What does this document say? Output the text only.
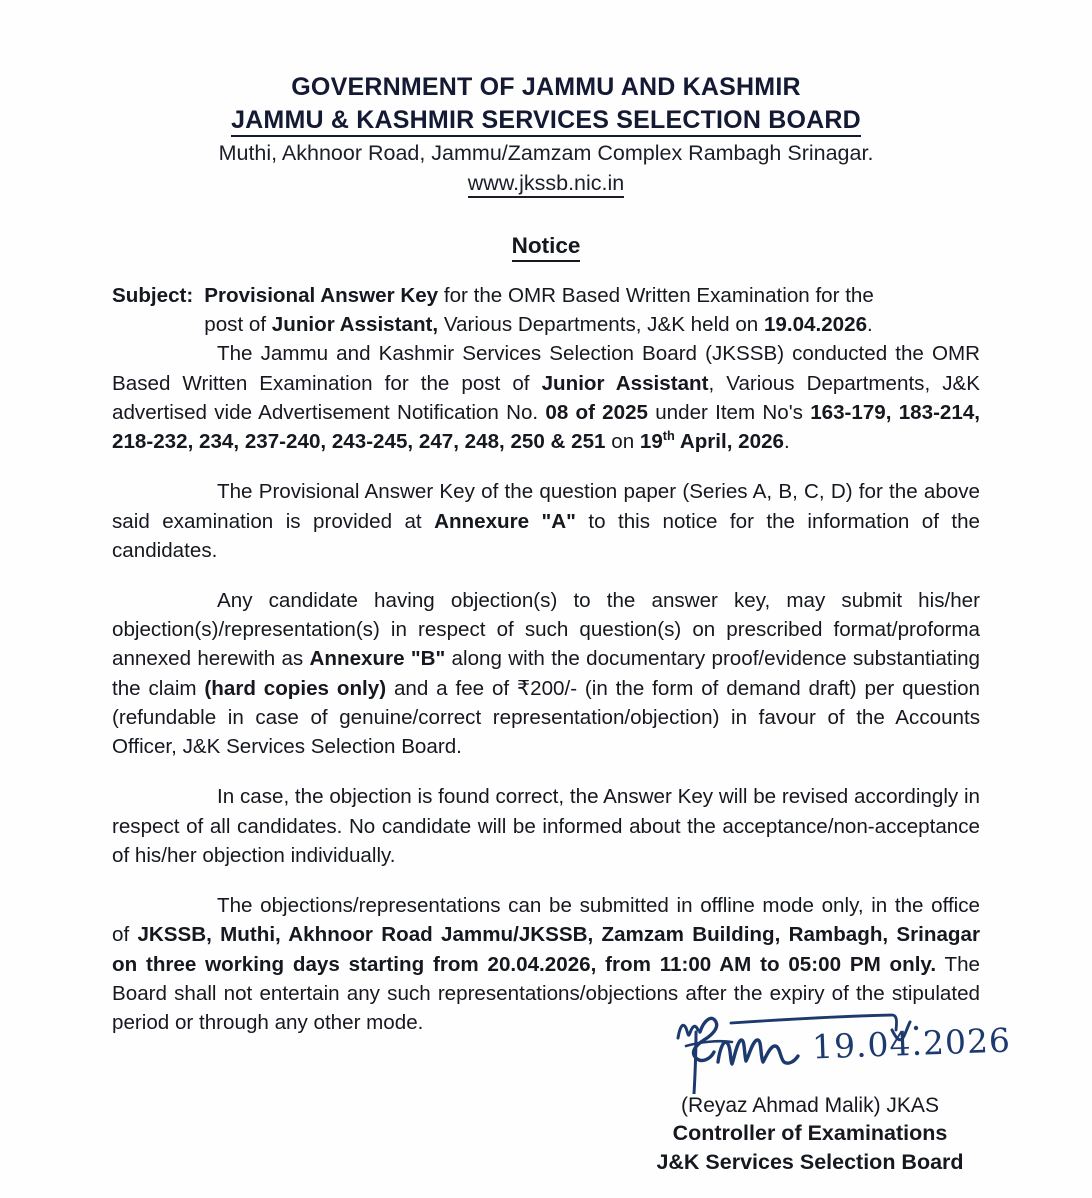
GOVERNMENT OF JAMMU AND KASHMIR
JAMMU & KASHMIR SERVICES SELECTION BOARD
Muthi, Akhnoor Road, Jammu/Zamzam Complex Rambagh Srinagar.
www.jkssb.nic.in
Notice
Subject: Provisional Answer Key for the OMR Based Written Examination for the
post of Junior Assistant, Various Departments, J&K held on 19.04.2026.

The Jammu and Kashmir Services Selection Board (JKSSB) conducted the OMR Based Written Examination for the post of Junior Assistant, Various Departments, J&K advertised vide Advertisement Notification No. 08 of 2025 under Item No's 163-179, 183-214, 218-232, 234, 237-240, 243-245, 247, 248, 250 & 251 on 19th April, 2026.

The Provisional Answer Key of the question paper (Series A, B, C, D) for the above said examination is provided at Annexure "A" to this notice for the information of the candidates.

Any candidate having objection(s) to the answer key, may submit his/her objection(s)/representation(s) in respect of such question(s) on prescribed format/proforma annexed herewith as Annexure "B" along with the documentary proof/evidence substantiating the claim (hard copies only) and a fee of ₹200/- (in the form of demand draft) per question (refundable in case of genuine/correct representation/objection) in favour of the Accounts Officer, J&K Services Selection Board.

In case, the objection is found correct, the Answer Key will be revised accordingly in respect of all candidates. No candidate will be informed about the acceptance/non-acceptance of his/her objection individually.

The objections/representations can be submitted in offline mode only, in the office of JKSSB, Muthi, Akhnoor Road Jammu/JKSSB, Zamzam Building, Rambagh, Srinagar on three working days starting from 20.04.2026, from 11:00 AM to 05:00 PM only. The Board shall not entertain any such representations/objections after the expiry of the stipulated period or through any other mode.	19.04.2026
(Reyaz Ahmad Malik) JKAS
Controller of Examinations
J&K Services Selection Board
